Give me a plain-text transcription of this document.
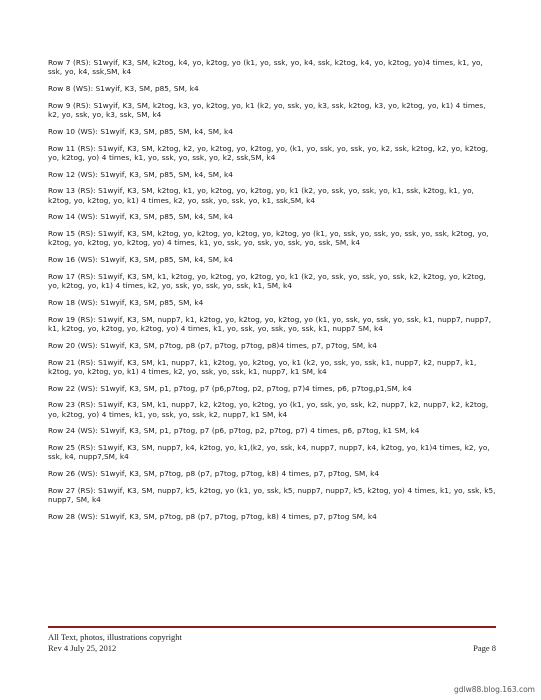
Row 7 (RS): S1wyif, K3, SM, k2tog, k4, yo, k2tog, yo (k1, yo, ssk, yo, k4, ssk, k2tog, k4, yo, k2tog, yo)4 times, k1, yo, ssk, yo, k4, ssk,SM, k4

Row 8 (WS): S1wyif, K3, SM, p85, SM, k4

Row 9 (RS): S1wyif, K3, SM, k2tog, k3, yo, k2tog, yo, k1 (k2, yo, ssk, yo, k3, ssk, k2tog, k3, yo, k2tog, yo, k1) 4 times, k2, yo, ssk, yo, k3, ssk, SM, k4

Row 10 (WS): S1wyif, K3, SM, p85, SM, k4, SM, k4

Row 11 (RS): S1wyif, K3, SM, k2tog, k2, yo, k2tog, yo, k2tog, yo, (k1, yo, ssk, yo, ssk, yo, k2, ssk, k2tog, k2, yo, k2tog, yo, k2tog, yo) 4 times, k1, yo, ssk, yo, ssk, yo, k2, ssk,SM, k4

Row 12 (WS): S1wyif, K3, SM, p85, SM, k4, SM, k4

Row 13 (RS): S1wyif, K3, SM, k2tog, k1, yo, k2tog, yo, k2tog, yo, k1 (k2, yo, ssk, yo, ssk, yo, k1, ssk, k2tog, k1, yo, k2tog, yo, k2tog, yo, k1) 4 times, k2, yo, ssk, yo, ssk, yo, k1, ssk,SM, k4

Row 14 (WS): S1wyif, K3, SM, p85, SM, k4, SM, k4

Row 15 (RS): S1wyif, K3, SM, k2tog, yo, k2tog, yo, k2tog, yo, k2tog, yo (k1, yo, ssk, yo, ssk, yo, ssk, yo, ssk, k2tog, yo, k2tog, yo, k2tog, yo, k2tog, yo) 4 times, k1, yo, ssk, yo, ssk, yo, ssk, yo, ssk, SM, k4

Row 16 (WS): S1wyif, K3, SM, p85, SM, k4, SM, k4

Row 17 (RS): S1wyif, K3, SM, k1, k2tog, yo, k2tog, yo, k2tog, yo, k1 (k2, yo, ssk, yo, ssk, yo, ssk, k2, k2tog, yo, k2tog, yo, k2tog, yo, k1) 4 times, k2, yo, ssk, yo, ssk, yo, ssk, k1, SM, k4

Row 18 (WS): S1wyif, K3, SM, p85, SM, k4

Row 19 (RS): S1wyif, K3, SM, nupp7, k1, k2tog, yo, k2tog, yo, k2tog, yo (k1, yo, ssk, yo, ssk, yo, ssk, k1, nupp7, nupp7, k1, k2tog, yo, k2tog, yo, k2tog, yo) 4 times, k1, yo, ssk, yo, ssk, yo, ssk, k1, nupp7 SM, k4

Row 20 (WS): S1wyif, K3, SM, p7tog, p8 (p7, p7tog, p7tog, p8)4 times, p7, p7tog, SM, k4

Row 21 (RS): S1wyif, K3, SM, k1, nupp7, k1, k2tog, yo, k2tog, yo, k1 (k2, yo, ssk, yo, ssk, k1, nupp7, k2, nupp7, k1, k2tog, yo, k2tog, yo, k1) 4 times, k2, yo, ssk, yo, ssk, k1, nupp7, k1 SM, k4

Row 22 (WS): S1wyif, K3, SM, p1, p7tog, p7 (p6,p7tog, p2, p7tog, p7)4 times, p6, p7tog,p1,SM, k4

Row 23 (RS): S1wyif, K3, SM, k1, nupp7, k2, k2tog, yo, k2tog, yo (k1, yo, ssk, yo, ssk, k2, nupp7, k2, nupp7, k2, k2tog, yo, k2tog, yo) 4 times, k1, yo, ssk, yo, ssk, k2, nupp7, k1 SM, k4

Row 24 (WS): S1wyif, K3, SM, p1, p7tog, p7 (p6, p7tog, p2, p7tog, p7) 4 times, p6, p7tog, k1 SM, k4

Row 25 (RS): S1wyif, K3, SM, nupp7, k4, k2tog, yo, k1,(k2, yo, ssk, k4, nupp7, nupp7, k4, k2tog, yo, k1)4 times, k2, yo, ssk, k4, nupp7,SM, k4

Row 26 (WS): S1wyif, K3, SM, p7tog, p8 (p7, p7tog, p7tog, k8) 4 times, p7, p7tog, SM, k4

Row 27 (RS): S1wyif, K3, SM, nupp7, k5, k2tog, yo (k1, yo, ssk, k5, nupp7, nupp7, k5, k2tog, yo) 4 times, k1, yo, ssk, k5, nupp7, SM, k4

Row 28 (WS): S1wyif, K3, SM, p7tog, p8 (p7, p7tog, p7tog, k8) 4 times, p7, p7tog SM, k4

All Text, photos, illustrations copyright
Rev 4 July 25, 2012	Page 8
gdlw88.blog.163.com
